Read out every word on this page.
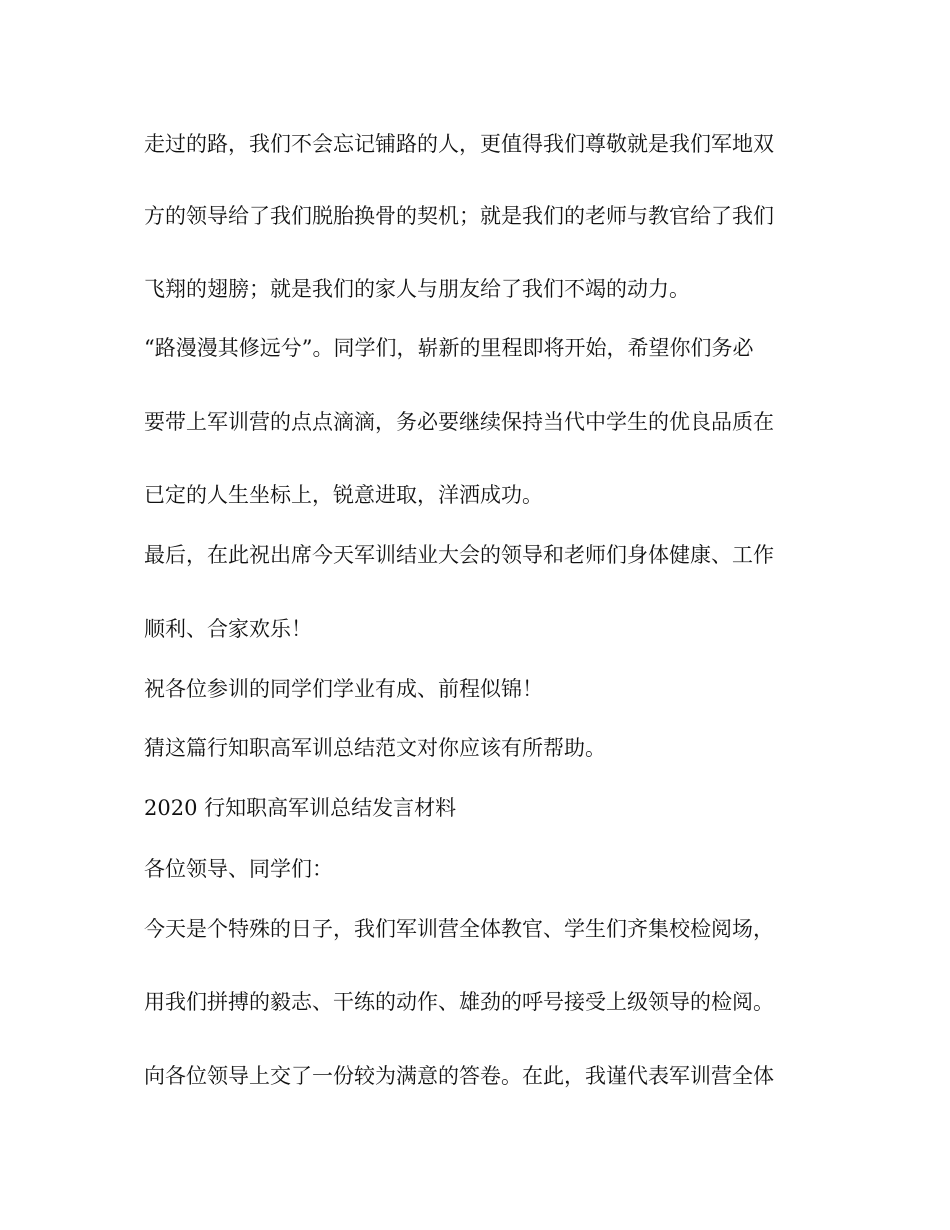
走过的路，我们不会忘记铺路的人，更值得我们尊敬就是我们军地双

方的领导给了我们脱胎换骨的契机；就是我们的老师与教官给了我们

飞翔的翅膀；就是我们的家人与朋友给了我们不竭的动力。

“路漫漫其修远兮”。同学们，崭新的里程即将开始，希望你们务必

要带上军训营的点点滴滴，务必要继续保持当代中学生的优良品质在

已定的人生坐标上，锐意进取，洋洒成功。

最后，在此祝出席今天军训结业大会的领导和老师们身体健康、工作

顺利、合家欢乐！

祝各位参训的同学们学业有成、前程似锦！

猜这篇行知职高军训总结范文对你应该有所帮助。

2020 行知职高军训总结发言材料

各位领导、同学们：

今天是个特殊的日子，我们军训营全体教官、学生们齐集校检阅场，

用我们拼搏的毅志、干练的动作、雄劲的呼号接受上级领导的检阅。

向各位领导上交了一份较为满意的答卷。在此，我谨代表军训营全体
